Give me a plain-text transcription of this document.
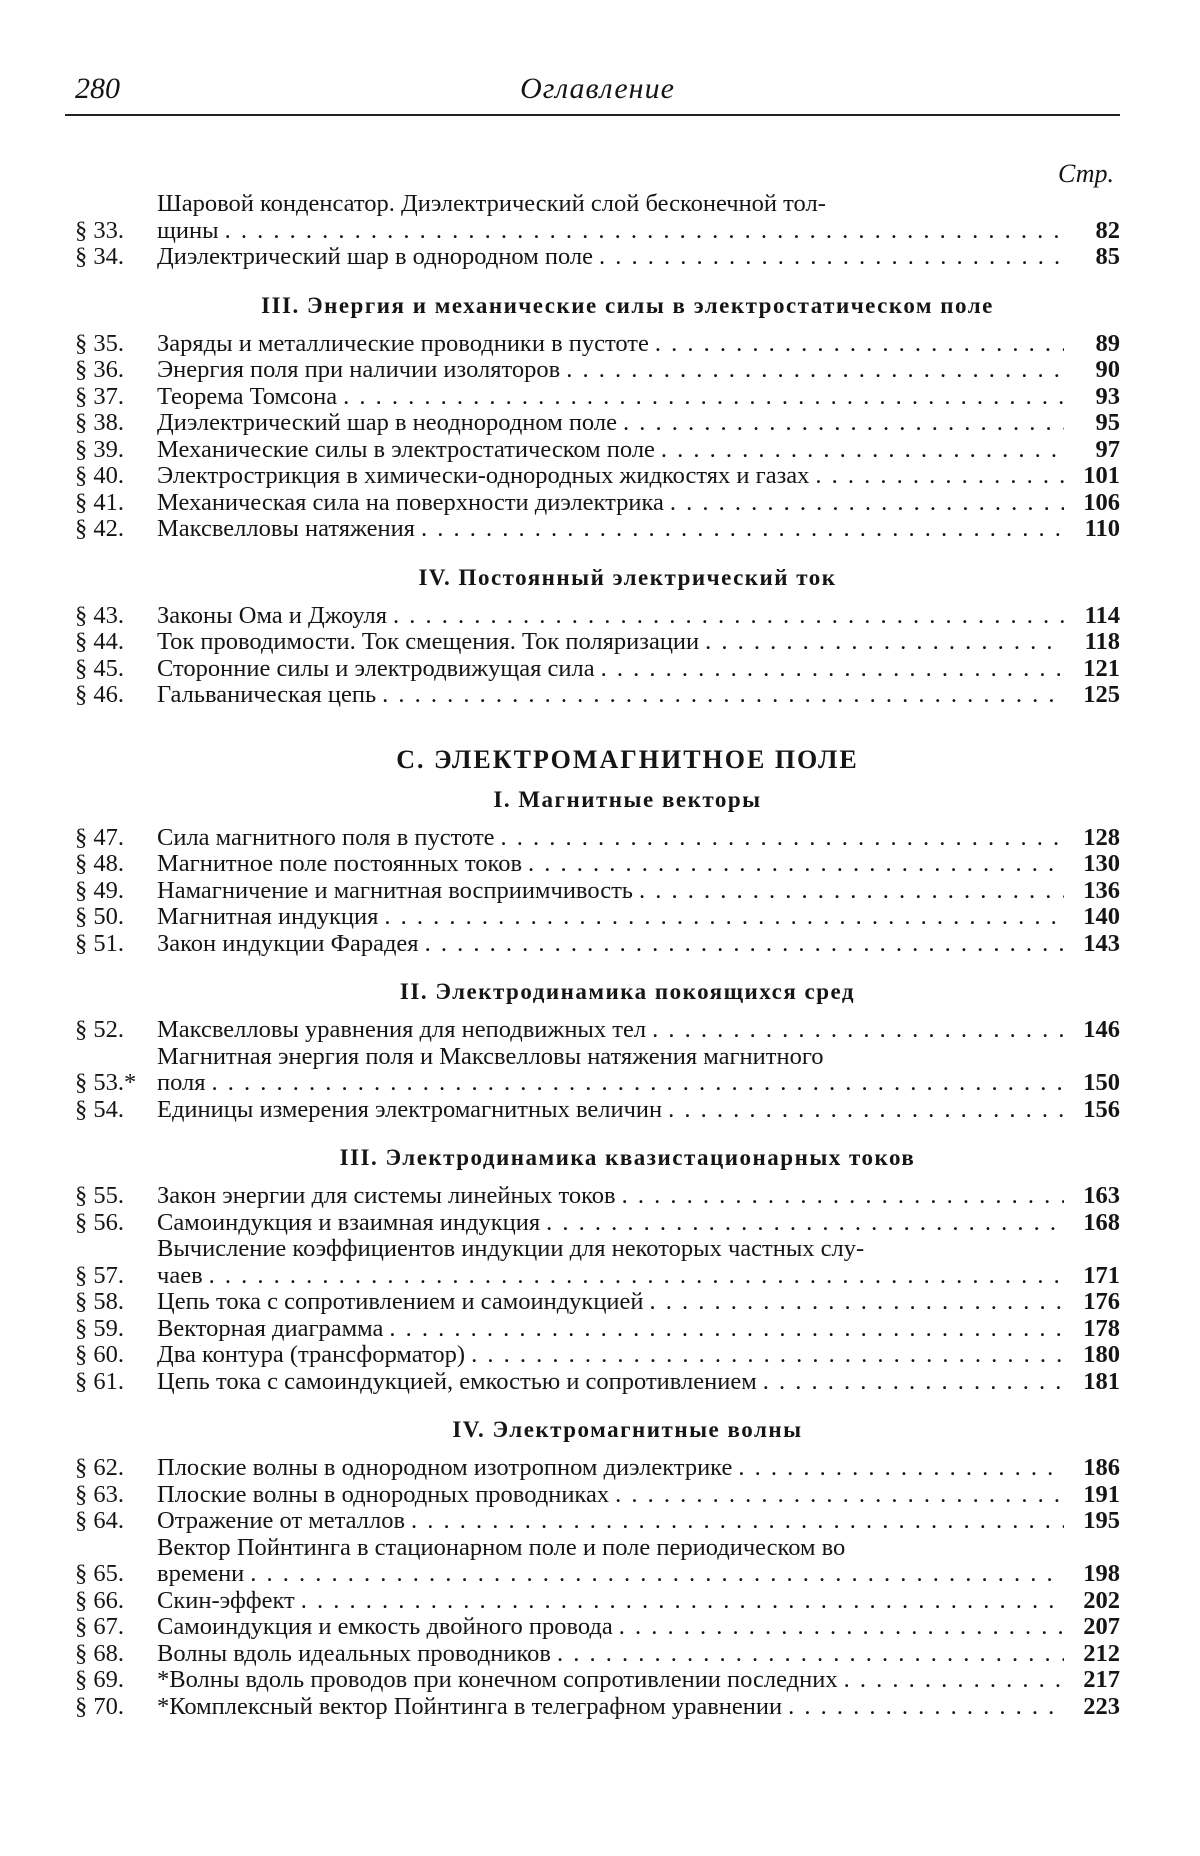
280	Оглавление
Стр.
§ 33.
Шаровой конденсатор. Диэлектрический слой бесконечной тол-
щины . . .	82
§ 34.	Диэлектрический шар в однородном поле . . .	85
III. Энергия и механические силы в электростатическом поле
§ 35.	Заряды и металлические проводники в пустоте . . .	89
§ 36.	Энергия поля при наличии изоляторов . . .	90
§ 37.	Теорема Томсона . . .	93
§ 38.	Диэлектрический шар в неоднородном поле . . .	95
§ 39.	Механические силы в электростатическом поле . . .	97
§ 40.	Электрострикция в химически-однородных жидкостях и газах . . .	101
§ 41.	Механическая сила на поверхности диэлектрика . . .	106
§ 42.	Максвелловы натяжения . . .	110
IV. Постоянный электрический ток
§ 43.	Законы Ома и Джоуля . . .	114
§ 44.	Ток проводимости. Ток смещения. Ток поляризации . . .	118
§ 45.	Сторонние силы и электродвижущая сила . . .	121
§ 46.	Гальваническая цепь . . .	125
С. ЭЛЕКТРОМАГНИТНОЕ ПОЛЕ
I. Магнитные векторы
§ 47.	Сила магнитного поля в пустоте . . .	128
§ 48.	Магнитное поле постоянных токов . . .	130
§ 49.	Намагничение и магнитная восприимчивость . . .	136
§ 50.	Магнитная индукция . . .	140
§ 51.	Закон индукции Фарадея . . .	143
II. Электродинамика покоящихся сред
§ 52.	Максвелловы уравнения для неподвижных тел . . .	146
§ 53.*
Магнитная энергия поля и Максвелловы натяжения магнитного
поля . . .	150
§ 54.	Единицы измерения электромагнитных величин . . .	156
III. Электродинамика квазистационарных токов
§ 55.	Закон энергии для системы линейных токов . . .	163
§ 56.	Самоиндукция и взаимная индукция . . .	168
§ 57.
Вычисление коэффициентов индукции для некоторых частных слу-
чаев . . .	171
§ 58.	Цепь тока с сопротивлением и самоиндукцией . . .	176
§ 59.	Векторная диаграмма . . .	178
§ 60.	Два контура (трансформатор) . . .	180
§ 61.	Цепь тока с самоиндукцией, емкостью и сопротивлением . . .	181
IV. Электромагнитные волны
§ 62.	Плоские волны в однородном изотропном диэлектрике . . .	186
§ 63.	Плоские волны в однородных проводниках . . .	191
§ 64.	Отражение от металлов . . .	195
§ 65.
Вектор Пойнтинга в стационарном поле и поле периодическом во
времени . . .	198
§ 66.	Скин-эффект . . .	202
§ 67.	Самоиндукция и емкость двойного провода . . .	207
§ 68.	Волны вдоль идеальных проводников . . .	212
§ 69.	*Волны вдоль проводов при конечном сопротивлении последних . . .	217
§ 70.	*Комплексный вектор Пойнтинга в телеграфном уравнении . . .	223
